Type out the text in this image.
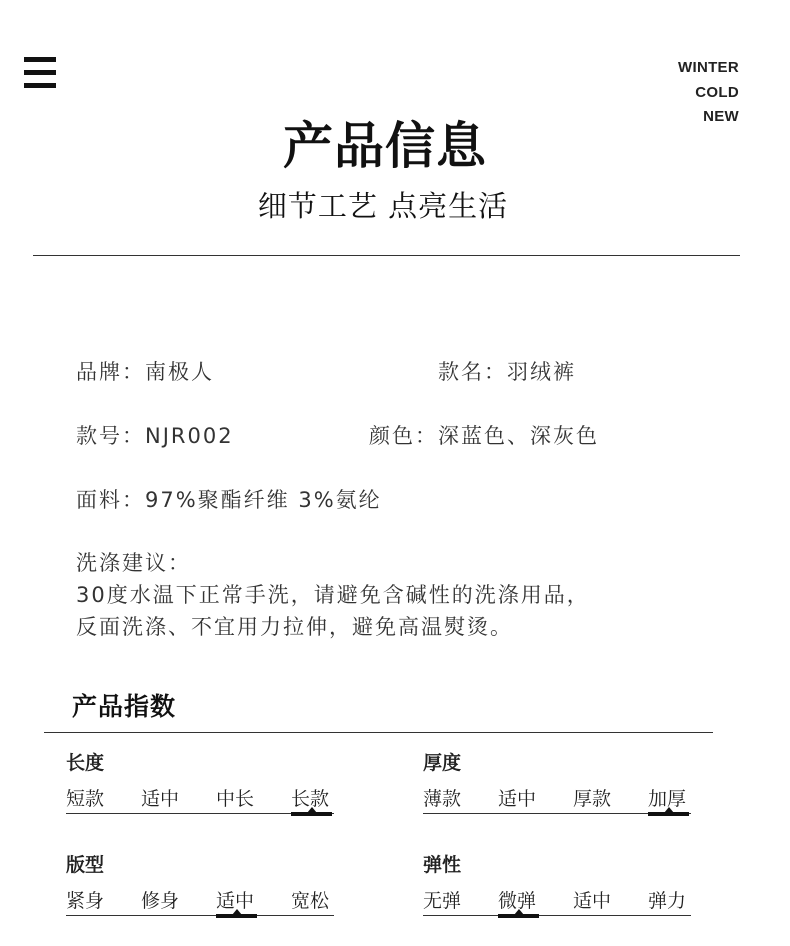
WINTER
COLD
NEW
产品信息
细节工艺 点亮生活
品牌：南极人	款名：羽绒裤
款号：NJR002	颜色：深蓝色、深灰色
面料：97%聚酯纤维 3%氨纶
洗涤建议：
30度水温下正常手洗，请避免含碱性的洗涤用品，
反面洗涤、不宜用力拉伸，避免高温熨烫。
产品指数
长度
短款 适中 中长 长款
厚度
薄款 适中 厚款 加厚
版型
紧身 修身 适中 宽松
弹性
无弹 微弹 适中 弹力
